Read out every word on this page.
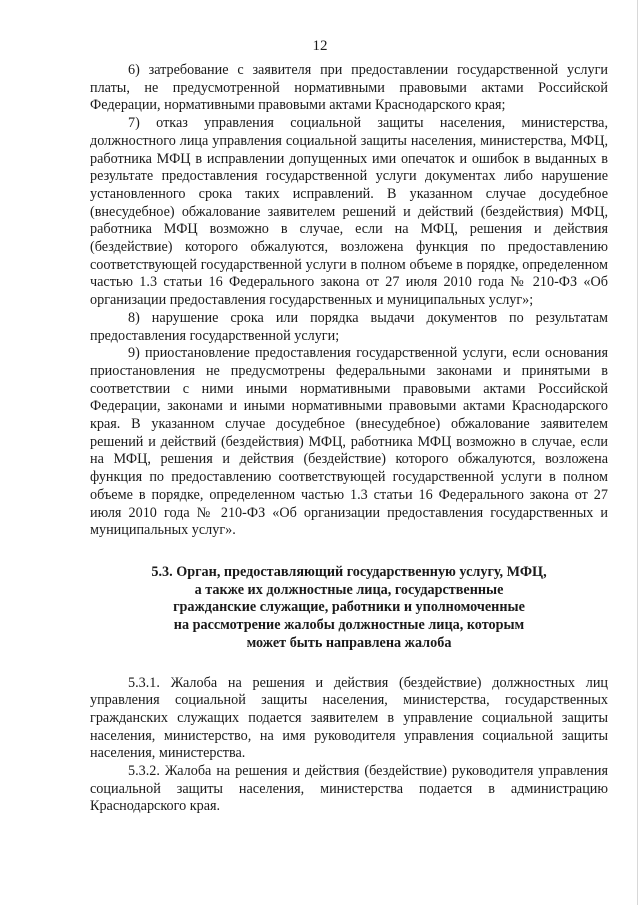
12

6) затребование с заявителя при предоставлении государственной услуги платы, не предусмотренной нормативными правовыми актами Российской Федерации, нормативными правовыми актами Краснодарского края;

7) отказ управления социальной защиты населения, министерства, должностного лица управления социальной защиты населения, министерства, МФЦ, работника МФЦ в исправлении допущенных ими опечаток и ошибок в выданных в результате предоставления государственной услуги документах либо нарушение установленного срока таких исправлений. В указанном случае досудебное (внесудебное) обжалование заявителем решений и действий (бездействия) МФЦ, работника МФЦ возможно в случае, если на МФЦ, решения и действия (бездействие) которого обжалуются, возложена функция по предоставлению соответствующей государственной услуги в полном объеме в порядке, определенном частью 1.3 статьи 16 Федерального закона от 27 июля 2010 года № 210-ФЗ «Об организации предоставления государственных и муниципальных услуг»;

8) нарушение срока или порядка выдачи документов по результатам предоставления государственной услуги;

9) приостановление предоставления государственной услуги, если основания приостановления не предусмотрены федеральными законами и принятыми в соответствии с ними иными нормативными правовыми актами Российской Федерации, законами и иными нормативными правовыми актами Краснодарского края. В указанном случае досудебное (внесудебное) обжалование заявителем решений и действий (бездействия) МФЦ, работника МФЦ возможно в случае, если на МФЦ, решения и действия (бездействие) которого обжалуются, возложена функция по предоставлению соответствующей государственной услуги в полном объеме в порядке, определенном частью 1.3 статьи 16 Федерального закона от 27 июля 2010 года № 210-ФЗ «Об организации предоставления государственных и муниципальных услуг».

5.3. Орган, предоставляющий государственную услугу, МФЦ,
а также их должностные лица, государственные
гражданские служащие, работники и уполномоченные
на рассмотрение жалобы должностные лица, которым
может быть направлена жалоба

5.3.1. Жалоба на решения и действия (бездействие) должностных лиц управления социальной защиты населения, министерства, государственных гражданских служащих подается заявителем в управление социальной защиты населения, министерство, на имя руководителя управления социальной защиты населения, министерства.

5.3.2. Жалоба на решения и действия (бездействие) руководителя управления социальной защиты населения, министерства подается в администрацию Краснодарского края.
